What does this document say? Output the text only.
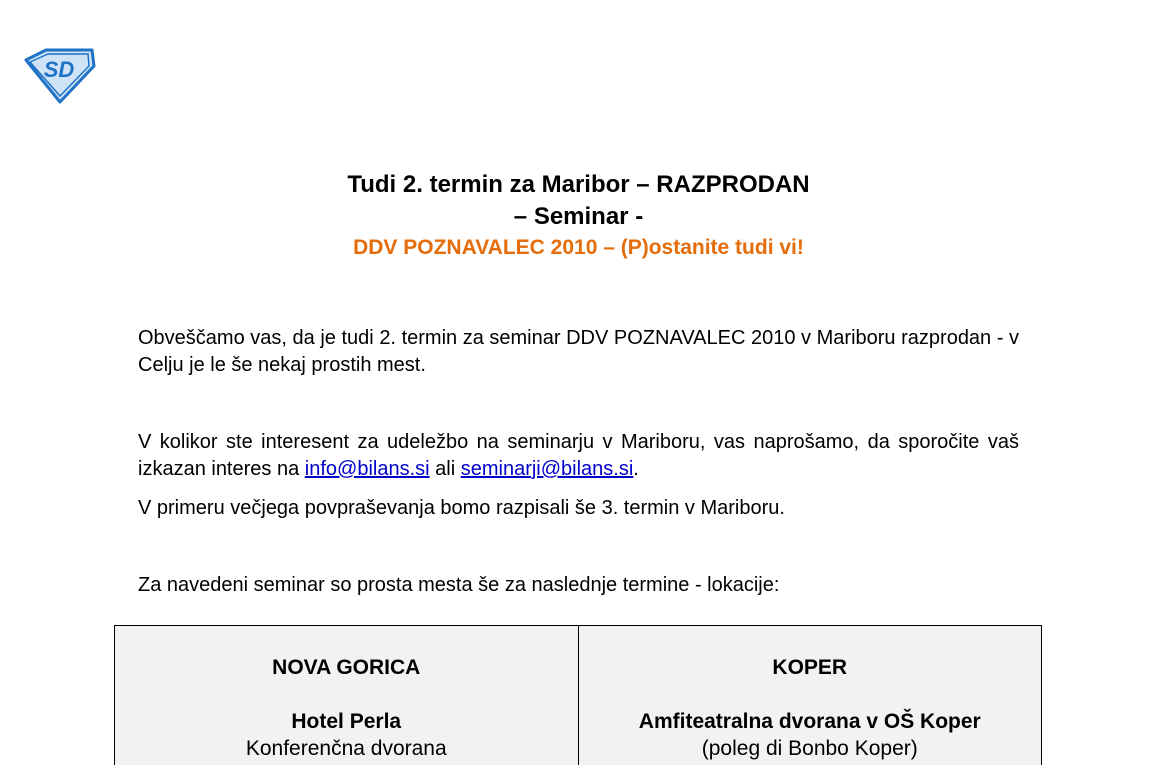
SD
Tudi 2. termin za Maribor – RAZPRODAN
– Seminar -
DDV POZNAVALEC 2010 – (P)ostanite tudi vi!
Obveščamo vas, da je tudi 2. termin za seminar DDV POZNAVALEC 2010 v Mariboru razprodan - v Celju je le še nekaj prostih mest.
V kolikor ste interesent za udeležbo na seminarju v Mariboru, vas naprošamo, da sporočite vaš izkazan interes na info@bilans.si ali seminarji@bilans.si.
V primeru večjega povpraševanja bomo razpisali še 3. termin v Mariboru.
Za navedeni seminar so prosta mesta še za naslednje termine - lokacije:
NOVA GORICA
Hotel Perla
Konferenčna dvorana
KOPER
Amfiteatralna dvorana v OŠ Koper
(poleg di Bonbo Koper)
